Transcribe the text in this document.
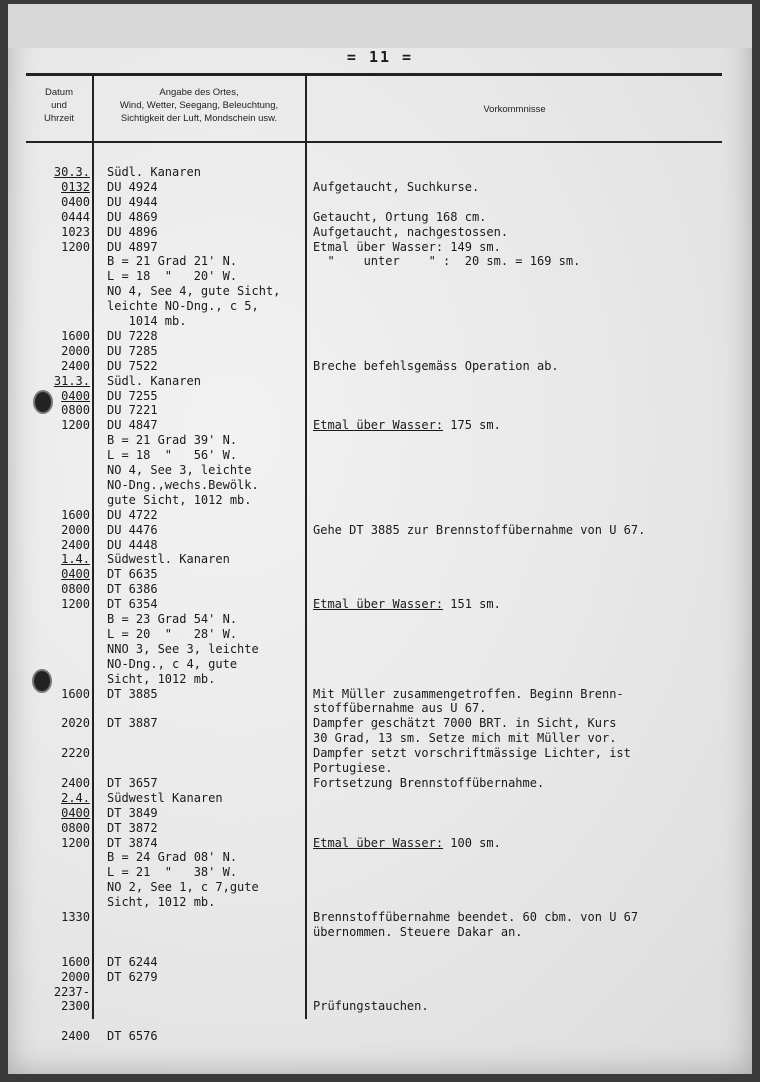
= 11 =
Datum
und
Uhrzeit
Angabe des Ortes,
Wind, Wetter, Seegang, Beleuchtung,
Sichtigkeit der Luft, Mondschein usw.
Vorkommnisse
30.3. Südl. Kanaren
0132 DU 4924	Aufgetaucht, Suchkurse.
0400 DU 4944
0444 DU 4869	Getaucht, Ortung 168 cm.
1023 DU 4896	Aufgetaucht, nachgestossen.
1200 DU 4897	Etmal über Wasser: 149 sm.
B = 21 Grad 21' N.	"    unter    " :  20 sm. = 169 sm.
L = 18  "   20' W.
NO 4, See 4, gute Sicht,
leichte NO-Dng., c 5,
1014 mb.
1600 DU 7228
2000 DU 7285
2400 DU 7522	Breche befehlsgemäss Operation ab.
31.3. Südl. Kanaren
0400 DU 7255
0800 DU 7221
1200 DU 4847	Etmal über Wasser: 175 sm.
B = 21 Grad 39' N.
L = 18  "   56' W.
NO 4, See 3, leichte
NO-Dng.,wechs.Bewölk.
gute Sicht, 1012 mb.
1600 DU 4722
2000 DU 4476	Gehe DT 3885 zur Brennstoffübernahme von U 67.
2400 DU 4448
1.4. Südwestl. Kanaren
0400 DT 6635
0800 DT 6386
1200 DT 6354	Etmal über Wasser: 151 sm.
B = 23 Grad 54' N.
L = 20  "   28' W.
NNO 3, See 3, leichte
NO-Dng., c 4, gute
Sicht, 1012 mb.
1600 DT 3885	Mit Müller zusammengetroffen. Beginn Brenn-
stoffübernahme aus U 67.
2020 DT 3887	Dampfer geschätzt 7000 BRT. in Sicht, Kurs
30 Grad, 13 sm. Setze mich mit Müller vor.
2220	Dampfer setzt vorschriftmässige Lichter, ist
Portugiese.
2400 DT 3657	Fortsetzung Brennstoffübernahme.
2.4. Südwestl Kanaren
0400 DT 3849
0800 DT 3872
1200 DT 3874	Etmal über Wasser: 100 sm.
B = 24 Grad 08' N.
L = 21  "   38' W.
NO 2, See 1, c 7,gute
Sicht, 1012 mb.
1330	Brennstoffübernahme beendet. 60 cbm. von U 67
übernommen. Steuere Dakar an.
1600 DT 6244
2000 DT 6279
2237-
2300	Prüfungstauchen.
2400 DT 6576
